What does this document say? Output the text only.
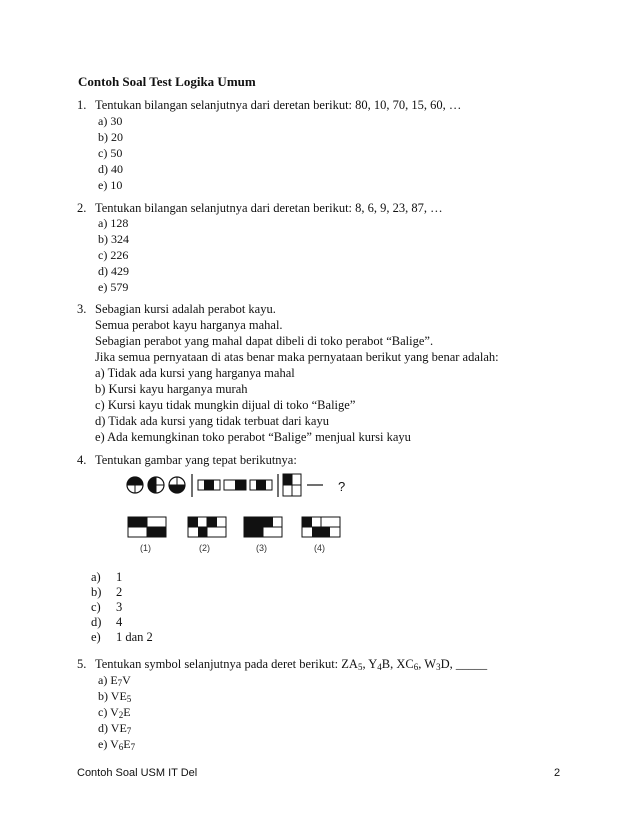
Contoh Soal Test Logika Umum
1. Tentukan bilangan selanjutnya dari deretan berikut: 80, 10, 70, 15, 60, …
a) 30
b) 20
c) 50
d) 40
e) 10
2. Tentukan bilangan selanjutnya dari deretan berikut: 8, 6, 9, 23, 87, …
a) 128
b) 324
c) 226
d) 429
e) 579
3. Sebagian kursi adalah perabot kayu.
Semua perabot kayu harganya mahal.
Sebagian perabot yang mahal dapat dibeli di toko perabot “Balige”.
Jika semua pernyataan di atas benar maka pernyataan berikut yang benar adalah:
a) Tidak ada kursi yang harganya mahal
b) Kursi kayu harganya murah
c) Kursi kayu tidak mungkin dijual di toko “Balige”
d) Tidak ada kursi yang tidak terbuat dari kayu
e) Ada kemungkinan toko perabot “Balige” menjual kursi kayu
4. Tentukan gambar yang tepat berikutnya:
?
(1)	(2)	(3)	(4)
a) 1
b) 2
c) 3
d) 4
e) 1 dan 2
5. Tentukan symbol selanjutnya pada deret berikut: $ZA_5$, $Y_4B$, $XC_6$, $W_3D$, _____
a) $E_7V$
b) $VE_5$
c) $V_2E$
d) $VE_7$
e) $V_6E_7$
Contoh Soal USM IT Del	2
